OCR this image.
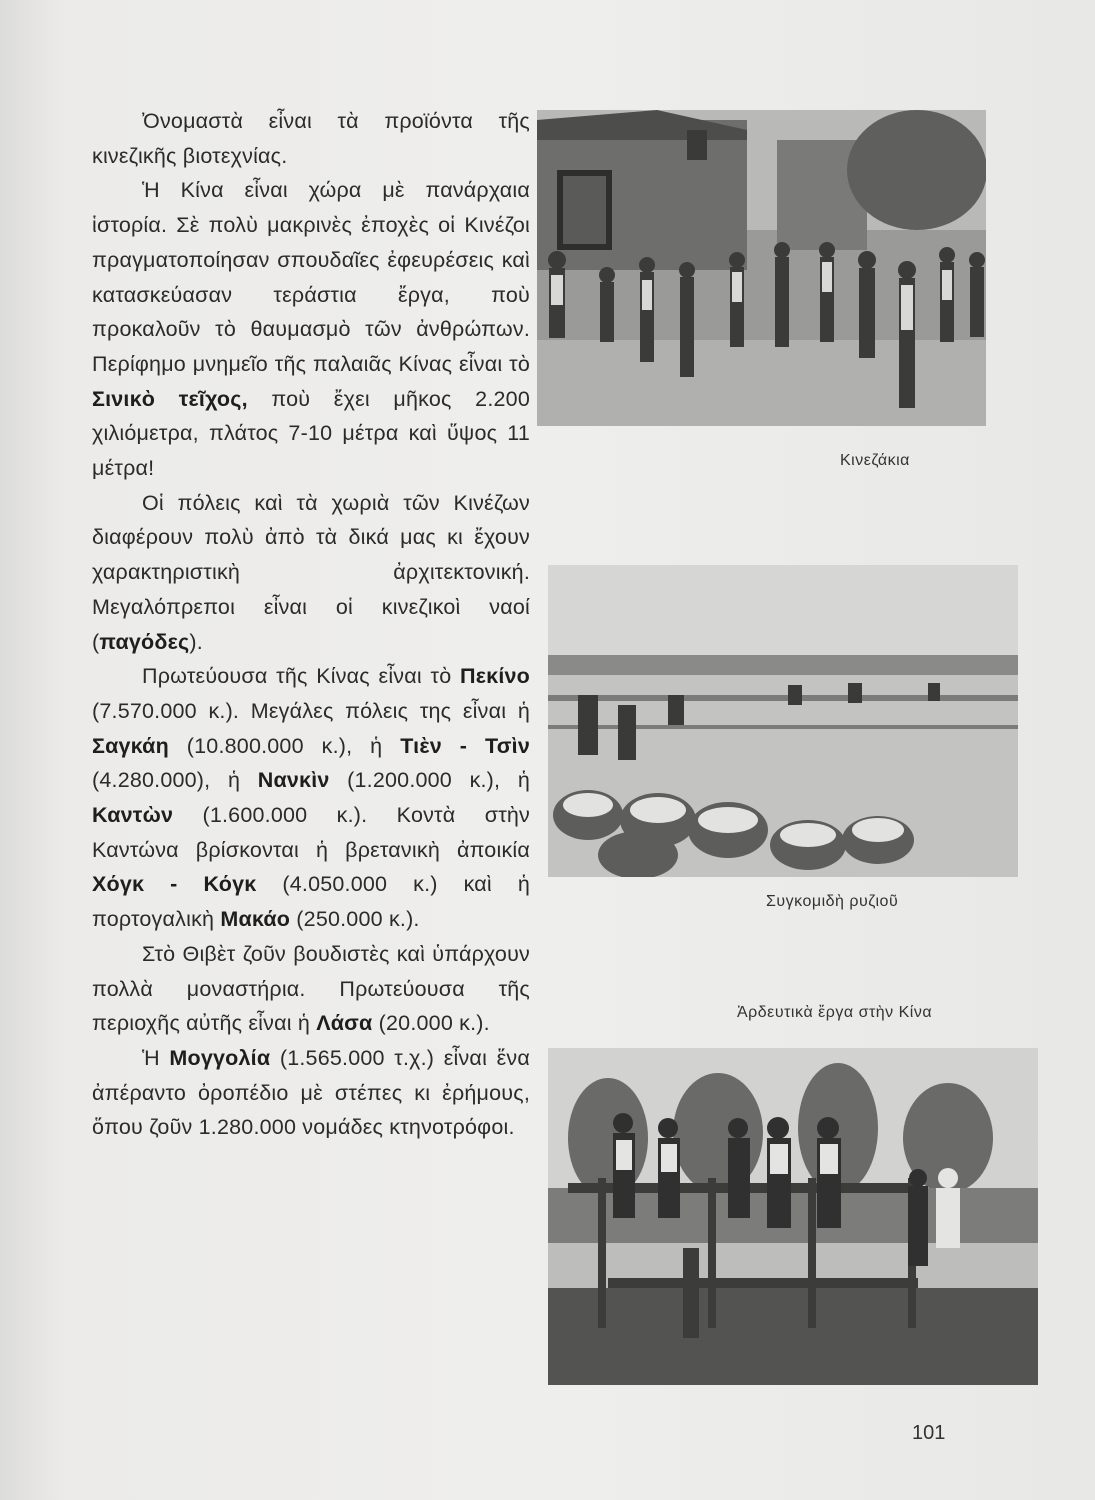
Ὀνομαστὰ εἶναι τὰ προϊόντα τῆς κινεζικῆς βιοτεχνίας.

Ἡ Κίνα εἶναι χώρα μὲ πανάρχαια ἱστορία. Σὲ πολὺ μακρινὲς ἐποχὲς οἱ Κινέζοι πραγματοποίησαν σπουδαῖες ἐφευρέσεις καὶ κατασκεύασαν τεράστια ἔργα, ποὺ προκαλοῦν τὸ θαυμασμὸ τῶν ἀνθρώπων. Περίφημο μνημεῖο τῆς παλαιᾶς Κίνας εἶναι τὸ Σινικὸ τεῖχος, ποὺ ἔχει μῆκος 2.200 χιλιόμετρα, πλάτος 7-10 μέτρα καὶ ὕψος 11 μέτρα!

Οἱ πόλεις καὶ τὰ χωριὰ τῶν Κινέζων διαφέρουν πολὺ ἀπὸ τὰ δικά μας κι ἔχουν χαρακτηριστικὴ ἀρχιτεκτονική. Μεγαλόπρεποι εἶναι οἱ κινεζικοὶ ναοί (παγόδες).

Πρωτεύουσα τῆς Κίνας εἶναι τὸ Πεκίνο (7.570.000 κ.). Μεγάλες πόλεις της εἶναι ἡ Σαγκάη (10.800.000 κ.), ἡ Τιὲν - Τσὶν (4.280.000), ἡ Νανκὶν (1.200.000 κ.), ἡ Καντὼν (1.600.000 κ.). Κοντὰ στὴν Καντώνα βρίσκονται ἡ βρετανικὴ ἀποικία Χόγκ - Κόγκ (4.050.000 κ.) καὶ ἡ πορτογαλικὴ Μακάο (250.000 κ.).

Στὸ Θιβὲτ ζοῦν βουδιστὲς καὶ ὑπάρχουν πολλὰ μοναστήρια. Πρωτεύουσα τῆς περιοχῆς αὐτῆς εἶναι ἡ Λάσα (20.000 κ.).

Ἡ Μογγολία (1.565.000 τ.χ.) εἶναι ἕνα ἀπέραντο ὀροπέδιο μὲ στέπες κι ἐρήμους, ὅπου ζοῦν 1.280.000 νομάδες κτηνοτρόφοι.

Κινεζάκια
Συγκομιδὴ ρυζιοῦ
Ἀρδευτικὰ ἔργα στὴν Κίνα
101
